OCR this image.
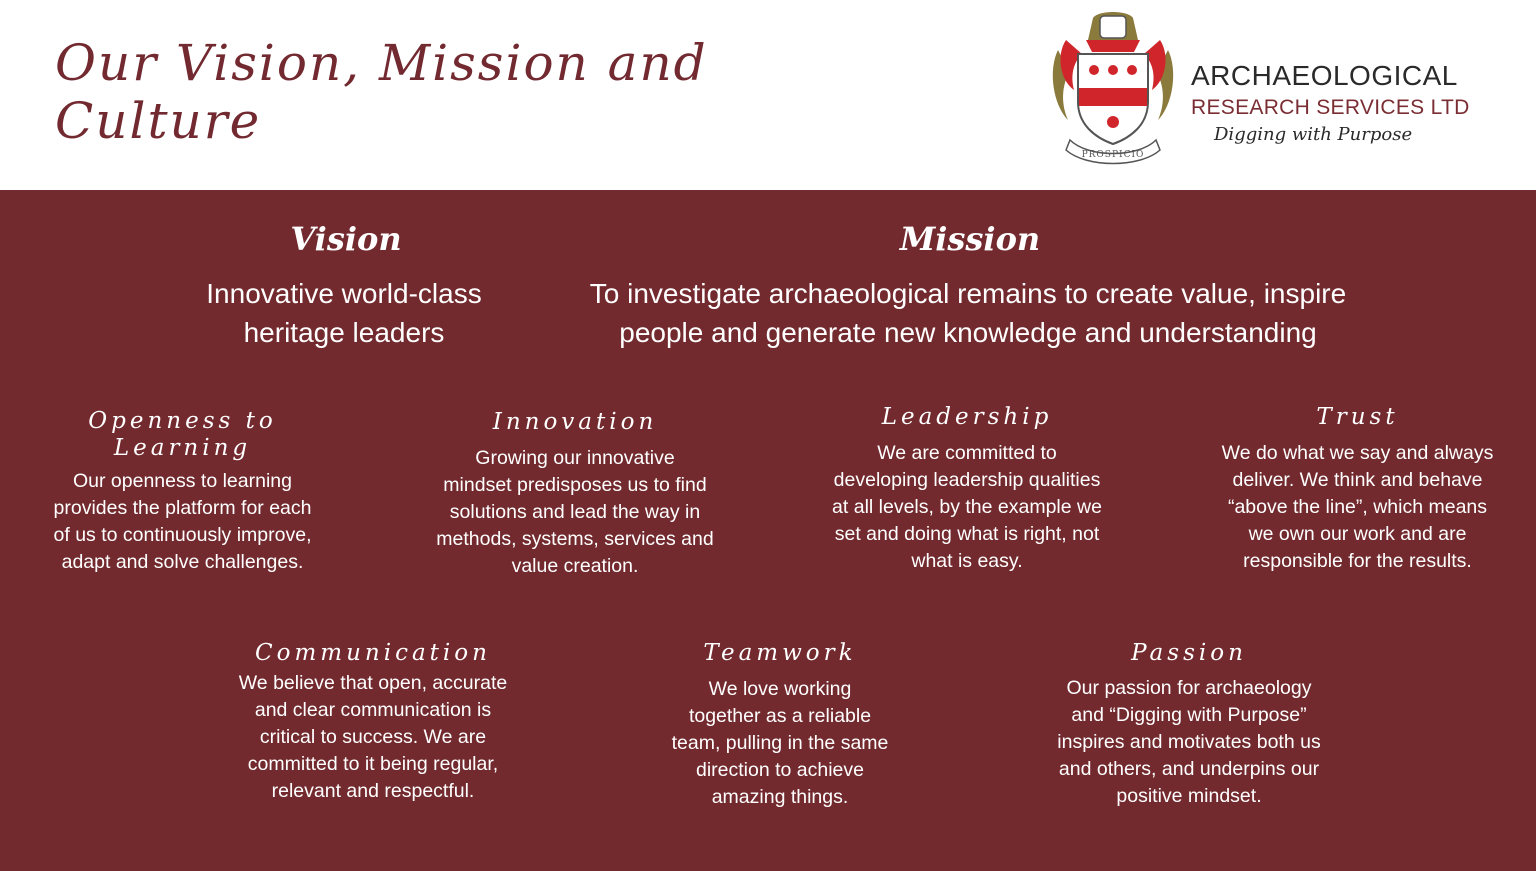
Our Vision, Mission and
Culture
PROSPICIO
ARCHAEOLOGICAL
RESEARCH SERVICES LTD
Digging with Purpose
Vision
Innovative world-class
heritage leaders
Mission
To investigate archaeological remains to create value, inspire
people and generate new knowledge and understanding
Openness to
Learning
Our openness to learning
provides the platform for each
of us to continuously improve,
adapt and solve challenges.
Innovation
Growing our innovative
mindset predisposes us to find
solutions and lead the way in
methods, systems, services and
value creation.
Leadership
We are committed to
developing leadership qualities
at all levels, by the example we
set and doing what is right, not
what is easy.
Trust
We do what we say and always
deliver. We think and behave
“above the line”, which means
we own our work and are
responsible for the results.
Communication
We believe that open, accurate
and clear communication is
critical to success. We are
committed to it being regular,
relevant and respectful.
Teamwork
We love working
together as a reliable
team, pulling in the same
direction to achieve
amazing things.
Passion
Our passion for archaeology
and “Digging with Purpose”
inspires and motivates both us
and others, and underpins our
positive mindset.
